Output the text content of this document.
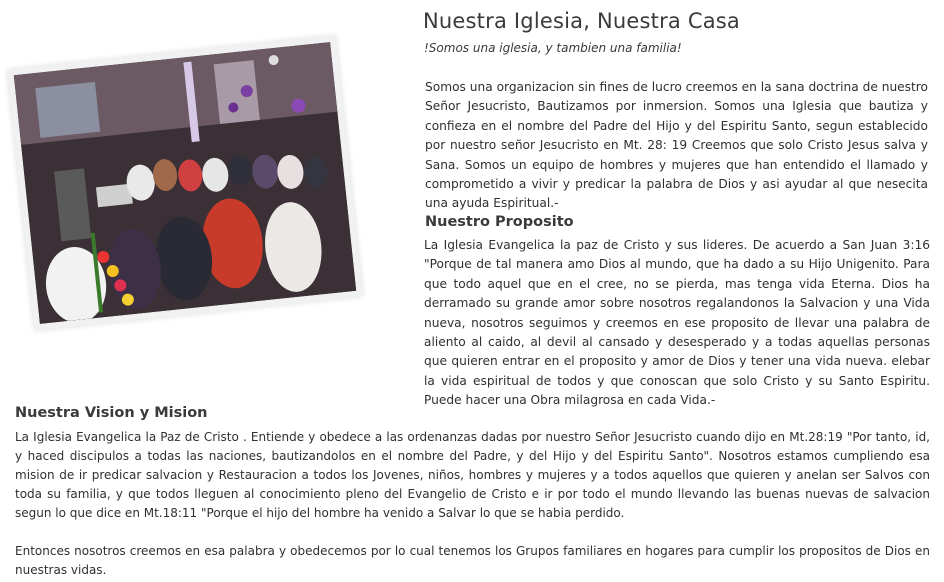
Nuestra Iglesia, Nuestra Casa
!Somos una iglesia, y tambien una familia!

Somos una organizacion sin fines de lucro creemos en la sana doctrina de nuestro Señor Jesucristo, Bautizamos por inmersion. Somos una Iglesia que bautiza y confieza en el nombre del Padre del Hijo y del Espiritu Santo, segun establecido por nuestro señor Jesucristo en Mt. 28: 19 Creemos que solo Cristo Jesus salva y Sana. Somos un equipo de hombres y mujeres que han entendido el llamado y comprometido a vivir y predicar la palabra de Dios y asi ayudar al que nesecita una ayuda Espiritual.-

Nuestro Proposito

La Iglesia Evangelica la paz de Cristo y sus lideres. De acuerdo a San Juan 3:16 "Porque de tal manera amo Dios al mundo, que ha dado a su Hijo Unigenito. Para que todo aquel que en el cree, no se pierda, mas tenga vida Eterna. Dios ha derramado su grande amor sobre nosotros regalandonos la Salvacion y una Vida nueva, nosotros seguimos y creemos en ese proposito de llevar una palabra de aliento al caido, al devil al cansado y desesperado y a todas aquellas personas que quieren entrar en el proposito y amor de Dios y tener una vida nueva. elebar la vida espiritual de todos y que conoscan que solo Cristo y su Santo Espiritu. Puede hacer una Obra milagrosa en cada Vida.-

Nuestra Vision y Mision

La Iglesia Evangelica la Paz de Cristo . Entiende y obedece a las ordenanzas dadas por nuestro Señor Jesucristo cuando dijo en Mt.28:19 "Por tanto, id, y haced discipulos a todas las naciones, bautizandolos en el nombre del Padre, y del Hijo y del Espiritu Santo". Nosotros estamos cumpliendo esa mision de ir predicar salvacion y Restauracion a todos los Jovenes, niños, hombres y mujeres y a todos aquellos que quieren y anelan ser Salvos con toda su familia, y que todos lleguen al conocimiento pleno del Evangelio de Cristo e ir por todo el mundo llevando las buenas nuevas de salvacion segun lo que dice en Mt.18:11 "Porque el hijo del hombre ha venido a Salvar lo que se habia perdido.

Entonces nosotros creemos en esa palabra y obedecemos por lo cual tenemos los Grupos familiares en hogares para cumplir los propositos de Dios en nuestras vidas.
